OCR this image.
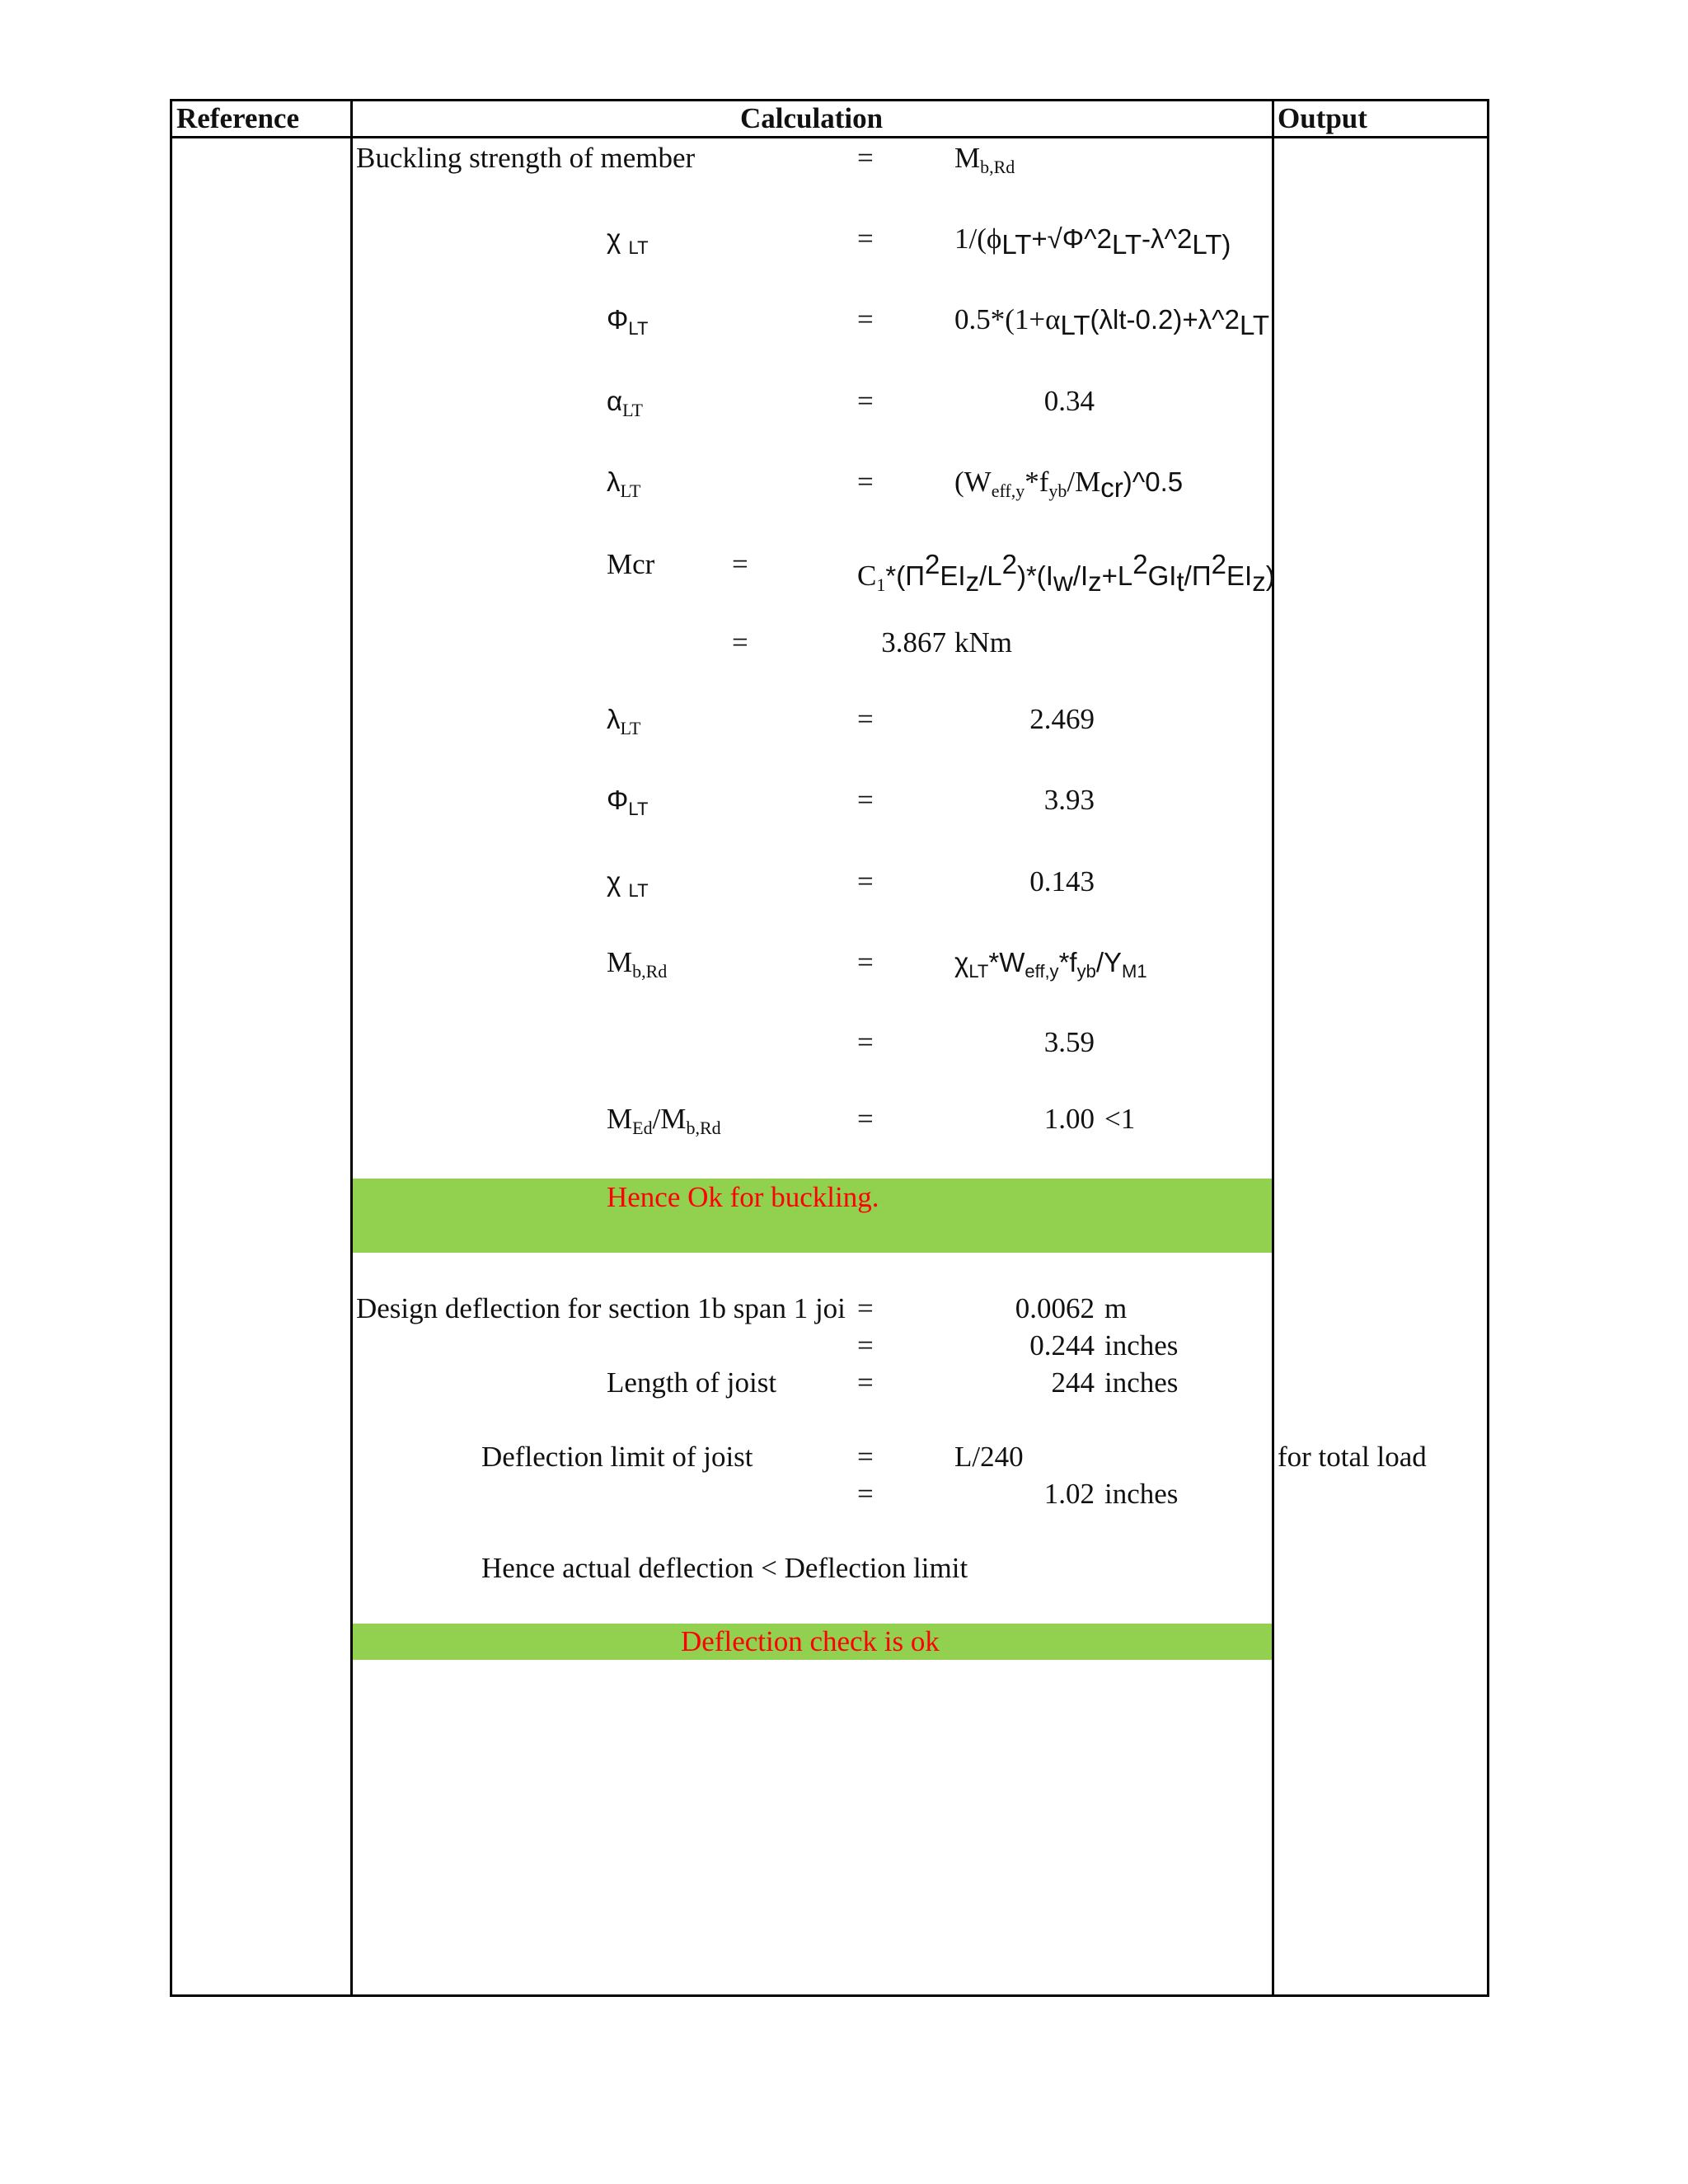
Reference	Calculation	Output
Buckling strength of member	=	$M_{b,Rd}$
χ $_{LT}$	=	$1/(\phi_{LT}+√\Phi\^{}2_{LT}-\lambda\^{}2_{LT)}$
$\Phi_{LT}$	=	$0.5*(1+\alpha_{LT}(\lambda lt-0.2)+\lambda\^{}2_{LT}$
$\alpha_{LT}$	=	0.34
$\lambda_{LT}$	=	$(W_{eff,y}*f_{yb}/M_{cr})\^{}0.5$
Mcr	=	$C_1*(\Pi^2EI_z/L^2)*(I_w/I_z+L^2GI_t/\Pi^2EI_z)$
=	3.867 kNm
$\lambda_{LT}$	=	2.469
$\Phi_{LT}$	=	3.93
χ $_{LT}$	=	0.143
$M_{b,Rd}$	=	$\chi_{LT}*W_{eff,y}*f_{yb}/\Upsilon_{M1}$
=	3.59
$M_{Ed}/M_{b,Rd}$	=	1.00 <1
Hence Ok for buckling.
Design deflection for section 1b span 1 joi =	0.0062 m
=	0.244 inches
Length of joist	=	244 inches
Deflection limit of joist	=	L/240	for total load
=	1.02 inches
Hence actual deflection < Deflection limit
Deflection check is ok
